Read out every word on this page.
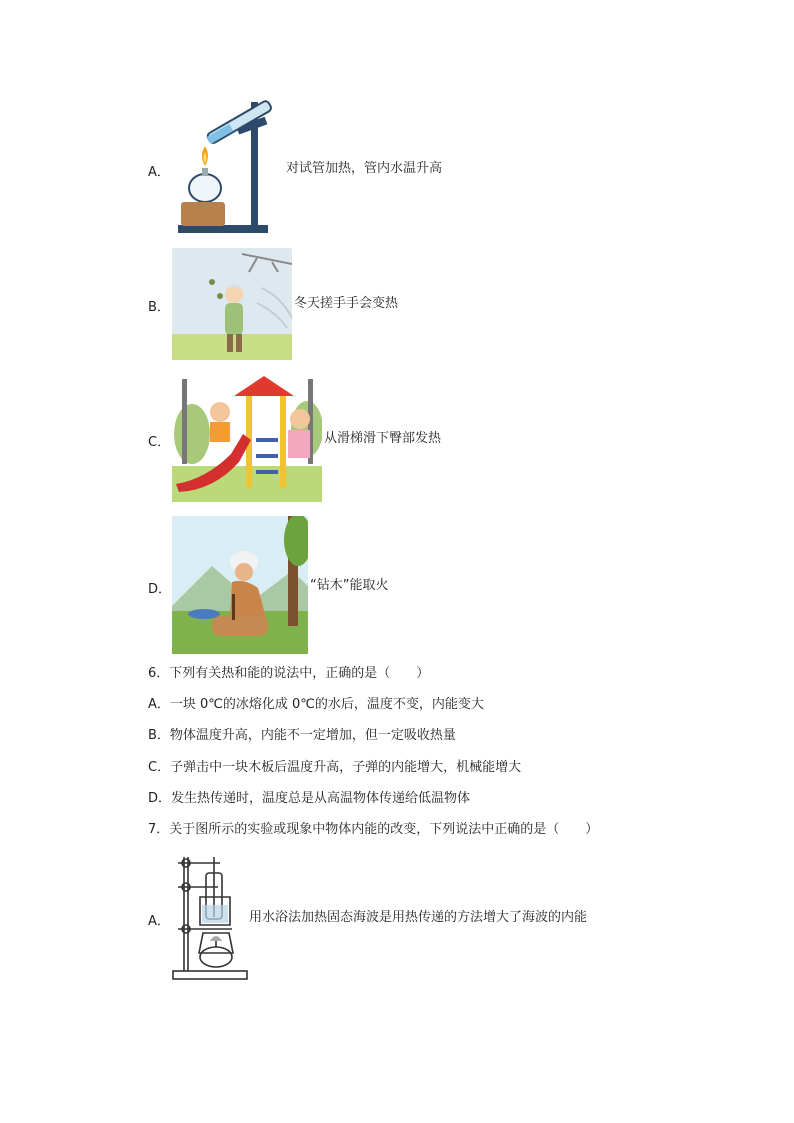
A．	对试管加热，管内水温升高
B．	冬天搓手手会变热
C．	从滑梯滑下臀部发热
D．	“钻木”能取火
6．下列有关热和能的说法中，正确的是（　　）
A．一块 0℃的冰熔化成 0℃的水后，温度不变，内能变大
B．物体温度升高，内能不一定增加，但一定吸收热量
C．子弹击中一块木板后温度升高，子弹的内能增大，机械能增大
D．发生热传递时，温度总是从高温物体传递给低温物体
7．关于图所示的实验或现象中物体内能的改变，下列说法中正确的是（　　）
A．	用水浴法加热固态海波是用热传递的方法增大了海波的内能
